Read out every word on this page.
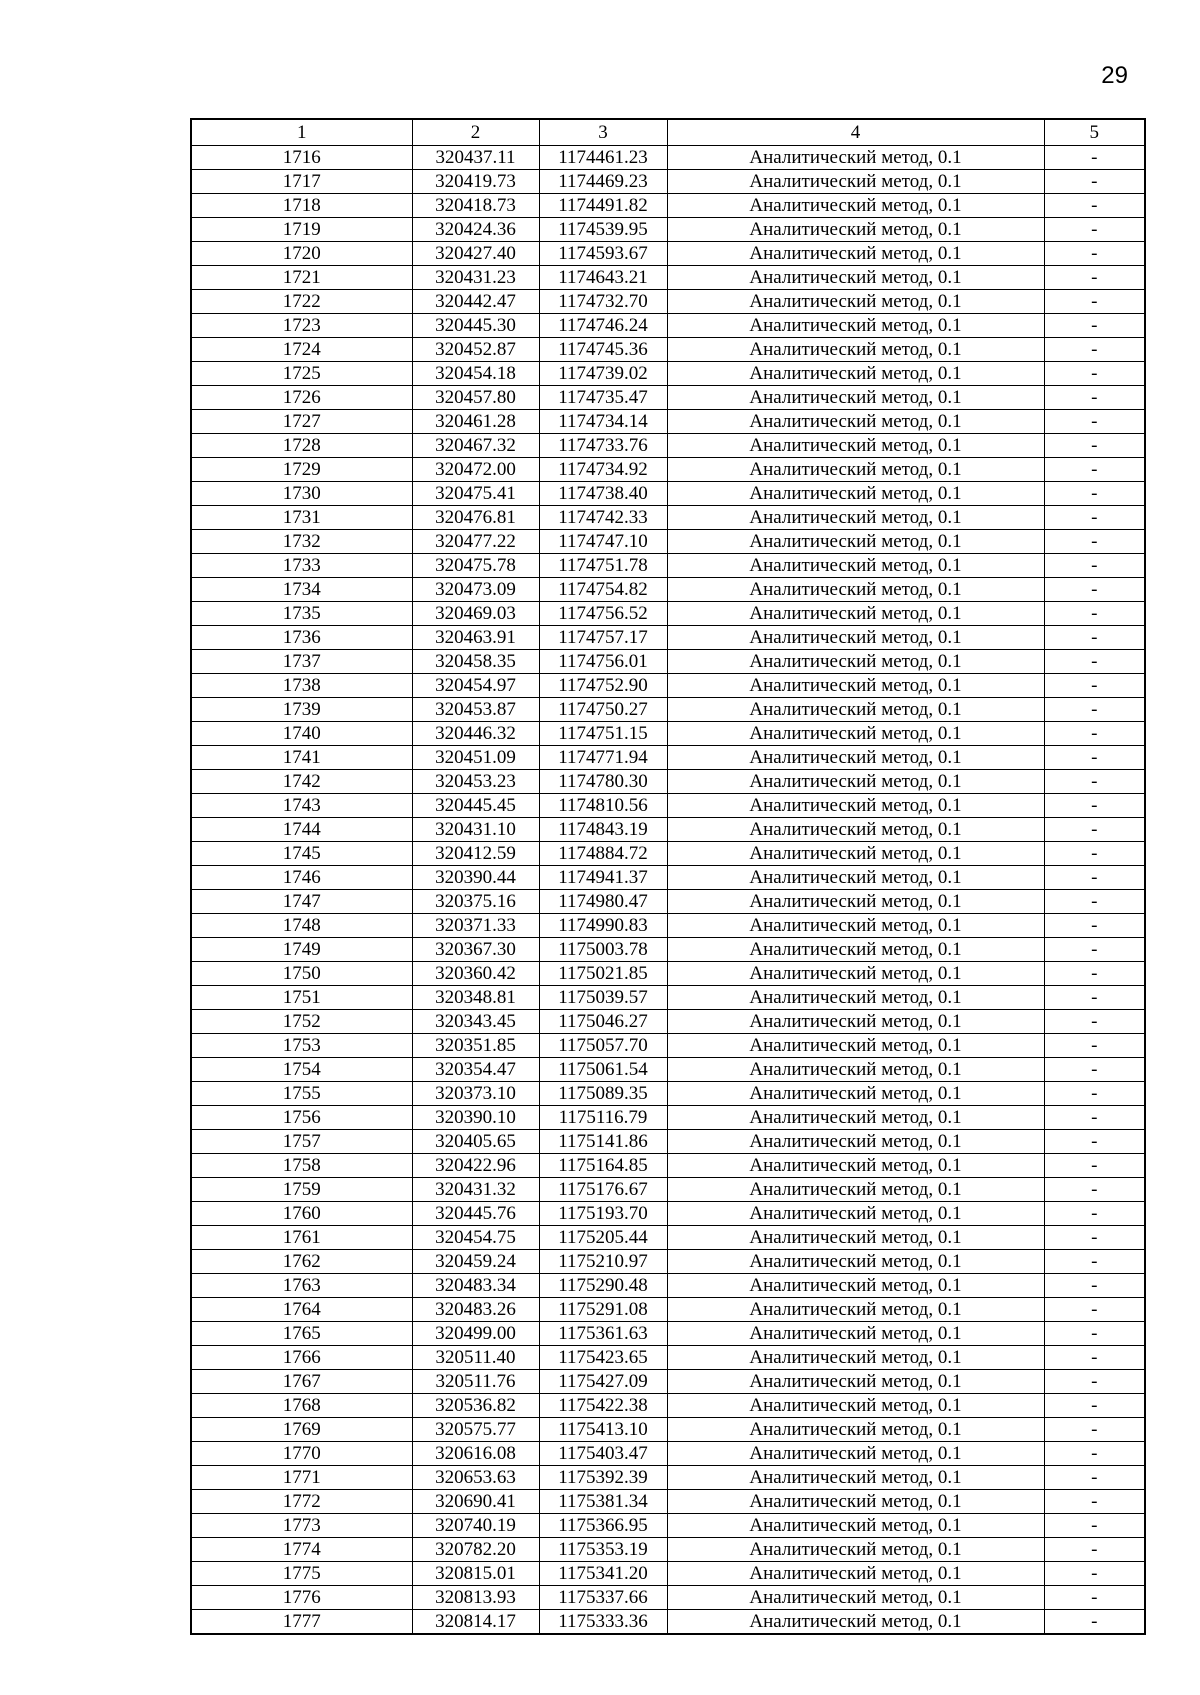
29
1	2	3	4	5
1716	320437.11	1174461.23	Аналитический метод, 0.1	-
1717	320419.73	1174469.23	Аналитический метод, 0.1	-
1718	320418.73	1174491.82	Аналитический метод, 0.1	-
1719	320424.36	1174539.95	Аналитический метод, 0.1	-
1720	320427.40	1174593.67	Аналитический метод, 0.1	-
1721	320431.23	1174643.21	Аналитический метод, 0.1	-
1722	320442.47	1174732.70	Аналитический метод, 0.1	-
1723	320445.30	1174746.24	Аналитический метод, 0.1	-
1724	320452.87	1174745.36	Аналитический метод, 0.1	-
1725	320454.18	1174739.02	Аналитический метод, 0.1	-
1726	320457.80	1174735.47	Аналитический метод, 0.1	-
1727	320461.28	1174734.14	Аналитический метод, 0.1	-
1728	320467.32	1174733.76	Аналитический метод, 0.1	-
1729	320472.00	1174734.92	Аналитический метод, 0.1	-
1730	320475.41	1174738.40	Аналитический метод, 0.1	-
1731	320476.81	1174742.33	Аналитический метод, 0.1	-
1732	320477.22	1174747.10	Аналитический метод, 0.1	-
1733	320475.78	1174751.78	Аналитический метод, 0.1	-
1734	320473.09	1174754.82	Аналитический метод, 0.1	-
1735	320469.03	1174756.52	Аналитический метод, 0.1	-
1736	320463.91	1174757.17	Аналитический метод, 0.1	-
1737	320458.35	1174756.01	Аналитический метод, 0.1	-
1738	320454.97	1174752.90	Аналитический метод, 0.1	-
1739	320453.87	1174750.27	Аналитический метод, 0.1	-
1740	320446.32	1174751.15	Аналитический метод, 0.1	-
1741	320451.09	1174771.94	Аналитический метод, 0.1	-
1742	320453.23	1174780.30	Аналитический метод, 0.1	-
1743	320445.45	1174810.56	Аналитический метод, 0.1	-
1744	320431.10	1174843.19	Аналитический метод, 0.1	-
1745	320412.59	1174884.72	Аналитический метод, 0.1	-
1746	320390.44	1174941.37	Аналитический метод, 0.1	-
1747	320375.16	1174980.47	Аналитический метод, 0.1	-
1748	320371.33	1174990.83	Аналитический метод, 0.1	-
1749	320367.30	1175003.78	Аналитический метод, 0.1	-
1750	320360.42	1175021.85	Аналитический метод, 0.1	-
1751	320348.81	1175039.57	Аналитический метод, 0.1	-
1752	320343.45	1175046.27	Аналитический метод, 0.1	-
1753	320351.85	1175057.70	Аналитический метод, 0.1	-
1754	320354.47	1175061.54	Аналитический метод, 0.1	-
1755	320373.10	1175089.35	Аналитический метод, 0.1	-
1756	320390.10	1175116.79	Аналитический метод, 0.1	-
1757	320405.65	1175141.86	Аналитический метод, 0.1	-
1758	320422.96	1175164.85	Аналитический метод, 0.1	-
1759	320431.32	1175176.67	Аналитический метод, 0.1	-
1760	320445.76	1175193.70	Аналитический метод, 0.1	-
1761	320454.75	1175205.44	Аналитический метод, 0.1	-
1762	320459.24	1175210.97	Аналитический метод, 0.1	-
1763	320483.34	1175290.48	Аналитический метод, 0.1	-
1764	320483.26	1175291.08	Аналитический метод, 0.1	-
1765	320499.00	1175361.63	Аналитический метод, 0.1	-
1766	320511.40	1175423.65	Аналитический метод, 0.1	-
1767	320511.76	1175427.09	Аналитический метод, 0.1	-
1768	320536.82	1175422.38	Аналитический метод, 0.1	-
1769	320575.77	1175413.10	Аналитический метод, 0.1	-
1770	320616.08	1175403.47	Аналитический метод, 0.1	-
1771	320653.63	1175392.39	Аналитический метод, 0.1	-
1772	320690.41	1175381.34	Аналитический метод, 0.1	-
1773	320740.19	1175366.95	Аналитический метод, 0.1	-
1774	320782.20	1175353.19	Аналитический метод, 0.1	-
1775	320815.01	1175341.20	Аналитический метод, 0.1	-
1776	320813.93	1175337.66	Аналитический метод, 0.1	-
1777	320814.17	1175333.36	Аналитический метод, 0.1	-
